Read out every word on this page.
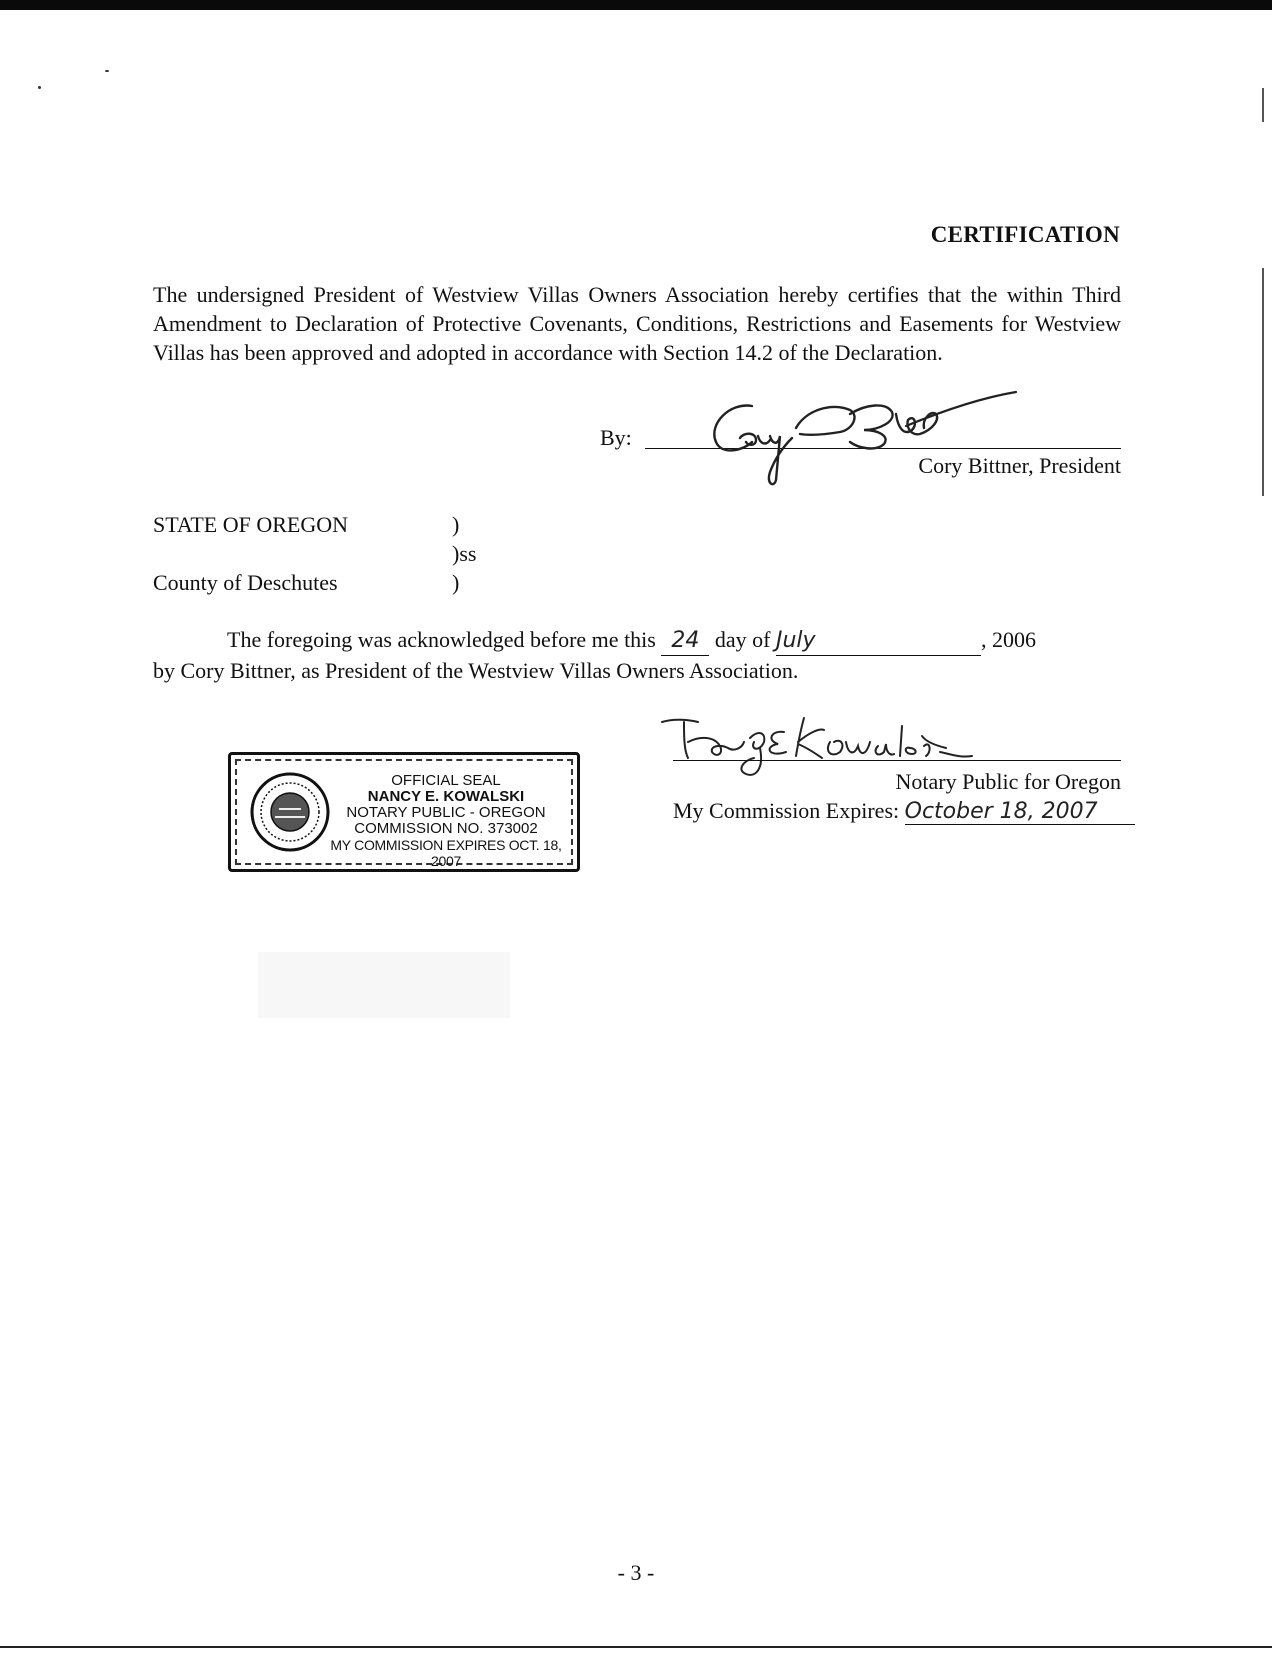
CERTIFICATION

The undersigned President of Westview Villas Owners Association hereby certifies that the within Third Amendment to Declaration of Protective Covenants, Conditions, Restrictions and Easements for Westview Villas has been approved and adopted in accordance with Section 14.2 of the Declaration.

By:
Cory Bittner, President
STATE OF OREGON	)
)ss
County of Deschutes	)
The foregoing was acknowledged before me this 24 day of July	, 2006
by Cory Bittner, as President of the Westview Villas Owners Association.
OFFICIAL SEAL
NANCY E. KOWALSKI
NOTARY PUBLIC - OREGON
COMMISSION NO. 373002
MY COMMISSION EXPIRES OCT. 18, 2007
Notary Public for Oregon
My Commission Expires: October 18, 2007
- 3 -
